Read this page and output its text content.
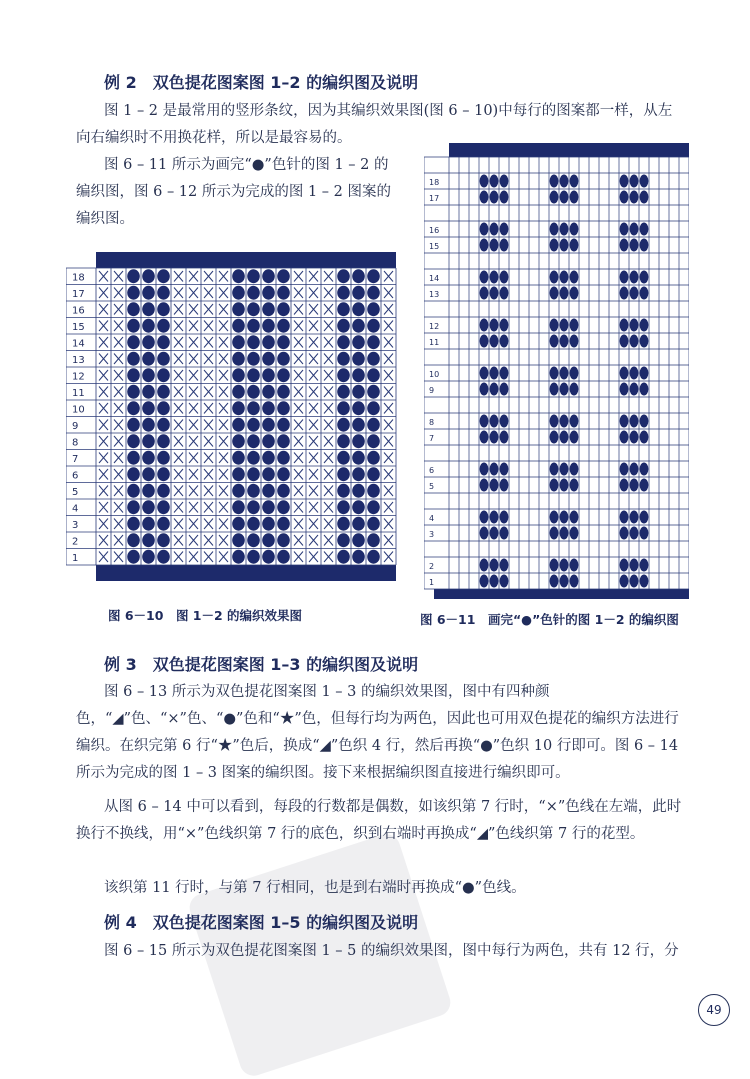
例 2　双色提花图案图 1–2 的编织图及说明

图 1 – 2 是最常用的竖形条纹，因为其编织效果图(图 6 – 10)中每行的图案都一样，从左向右编织时不用换花样，所以是最容易的。

图 6 – 11 所示为画完“●”色针的图 1 – 2 的编织图，图 6 – 12 所示为完成的图 1 – 2 图案的编织图。

18
17
16
15
14
13
12
11
10
9
8
7
6
5
4
3
2
1
图 6－10　图 1－2 的编织效果图
18
17
16
15
14
13
12
11
10
9
8
7
6
5
4
3
2
1
图 6－11　画完“●”色针的图 1－2 的编织图
例 3　双色提花图案图 1–3 的编织图及说明

图 6 – 13 所示为双色提花图案图 1 – 3 的编织效果图，图中有四种颜色，“◢”色、“×”色、“●”色和“★”色，但每行均为两色，因此也可用双色提花的编织方法进行编织。在织完第 6 行“★”色后，换成“◢”色织 4 行，然后再换“●”色织 10 行即可。图 6 – 14 所示为完成的图 1 – 3 图案的编织图。接下来根据编织图直接进行编织即可。

从图 6 – 14 中可以看到，每段的行数都是偶数，如该织第 7 行时，“×”色线在左端，此时换行不换线，用“×”色线织第 7 行的底色，织到右端时再换成“◢”色线织第 7 行的花型。

该织第 11 行时，与第 7 行相同，也是到右端时再换成“●”色线。

例 4　双色提花图案图 1–5 的编织图及说明

图 6 – 15 所示为双色提花图案图 1 – 5 的编织效果图，图中每行为两色，共有 12 行，分

49
